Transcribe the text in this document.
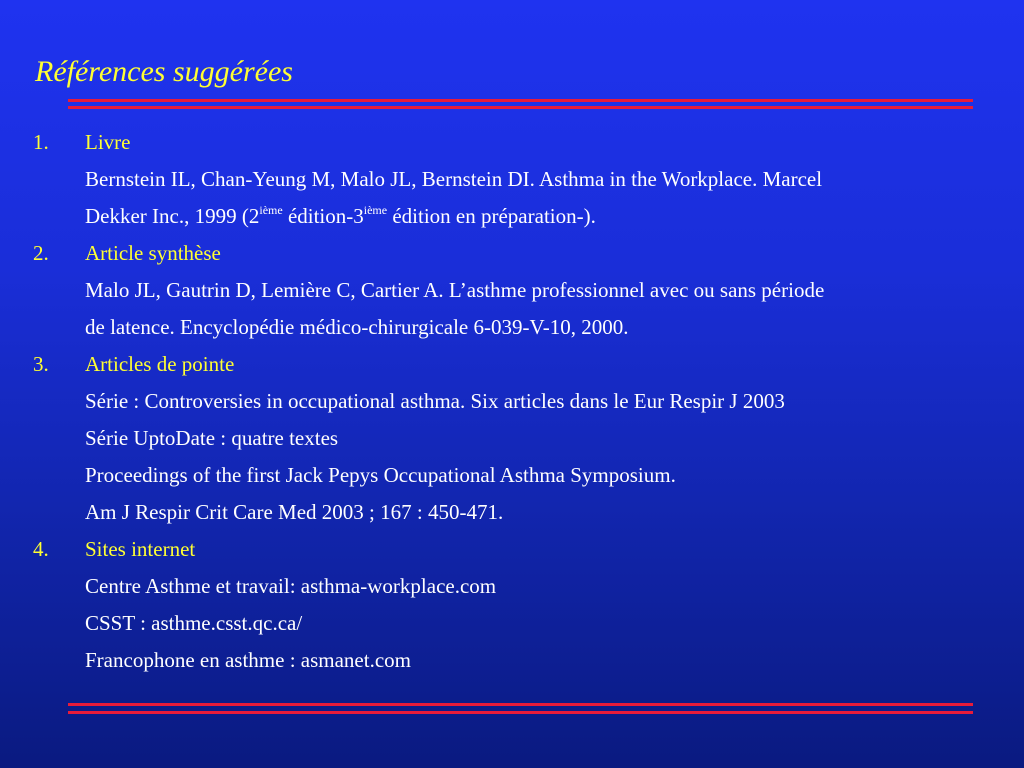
Références suggérées
1.	Livre
Bernstein IL, Chan-Yeung M, Malo JL, Bernstein DI. Asthma in the Workplace. Marcel
Dekker Inc., 1999 (2ième édition-3ième édition en préparation-).
2.	Article synthèse
Malo JL, Gautrin D, Lemière C, Cartier A. L’asthme professionnel avec ou sans période
de latence. Encyclopédie médico-chirurgicale 6-039-V-10, 2000.
3.	Articles de pointe
Série : Controversies in occupational asthma. Six articles dans le Eur Respir J 2003
Série UptoDate : quatre textes
Proceedings of the first Jack Pepys Occupational Asthma Symposium.
Am J Respir Crit Care Med 2003 ; 167 : 450-471.
4.	Sites internet
Centre Asthme et travail: asthma-workplace.com
CSST : asthme.csst.qc.ca/
Francophone en asthme : asmanet.com
